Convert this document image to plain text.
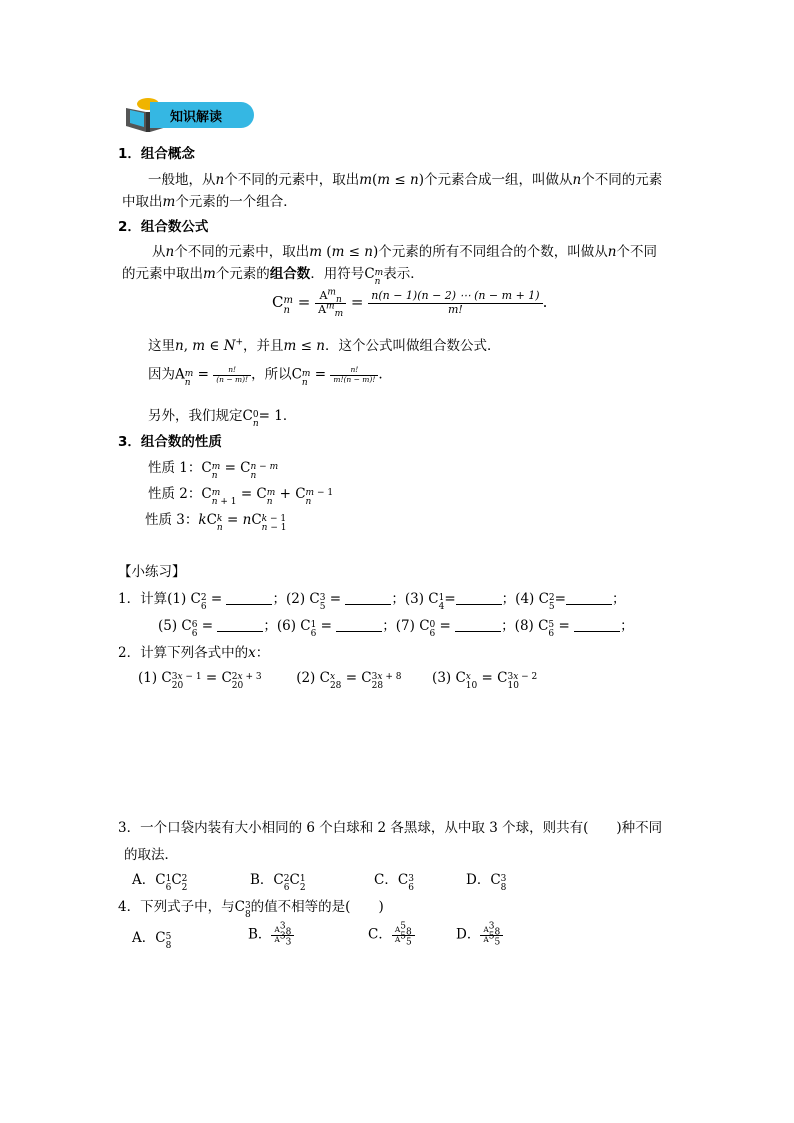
知识解读
1．组合概念
一般地，从n个不同的元素中，取出m(m ≤ n)个元素合成一组，叫做从n个不同的元素
中取出m个元素的一个组合．
2．组合数公式
从n个不同的元素中，取出m (m ≤ n)个元素的所有不同组合的个数，叫做从n个不同
的元素中取出m个元素的组合数．用符号C m
n 表示．
C m
$n = \frac{A^m_n}{A^m_m} = \frac{n(n - 1)(n - 2) \cdots (n - m + 1)}{m!}$ .
这里n, m ∈ N+，并且m ≤ n．这个公式叫做组合数公式．
因为A m
$n = \frac{n!}{(n - m)!}$ ，所以C m
$n = \frac{n!}{m!(n - m)!}$ .
另外，我们规定C 0
n = 1．
3．组合数的性质
性质 1：C m
n = C n − m
n
性质 2：C m
n + 1 = C m
n + C m − 1
n
性质 3：kC k
n = nC k − 1
n − 1
【小练习】
1．计算(1) C 2
6 =	；(2) C 3
5 =	；(3) C 1
4 =	；(4) C 2
5 =	；
(5) C 6
6 =	；(6) C 1
6 =	；(7) C 0
6 =	；(8) C 5
6 =	；
2．计算下列各式中的x：
(1) C 3x − 1
20	= C 2x + 3
20	(2) C x
28 = C 3x + 8
28	(3) C x
10 = C 3x − 2
10
3．一个口袋内装有大小相同的 6 个白球和 2 各黑球，从中取 3 个球，则共有( )种不同
的取法．
A．C 1
6 C 2
2	B．C 2
6 C 1
2	C．C 3
6	D．C 3
8
4．下列式子中，与C 3
8 的值不相等的是( )
A．C 5
8
B． $\frac{A^3_8}{A^3_3}$	C． $\frac{A^5_8}{A^5_5}$	D． $\frac{A^3_8}{A^5_5}$
